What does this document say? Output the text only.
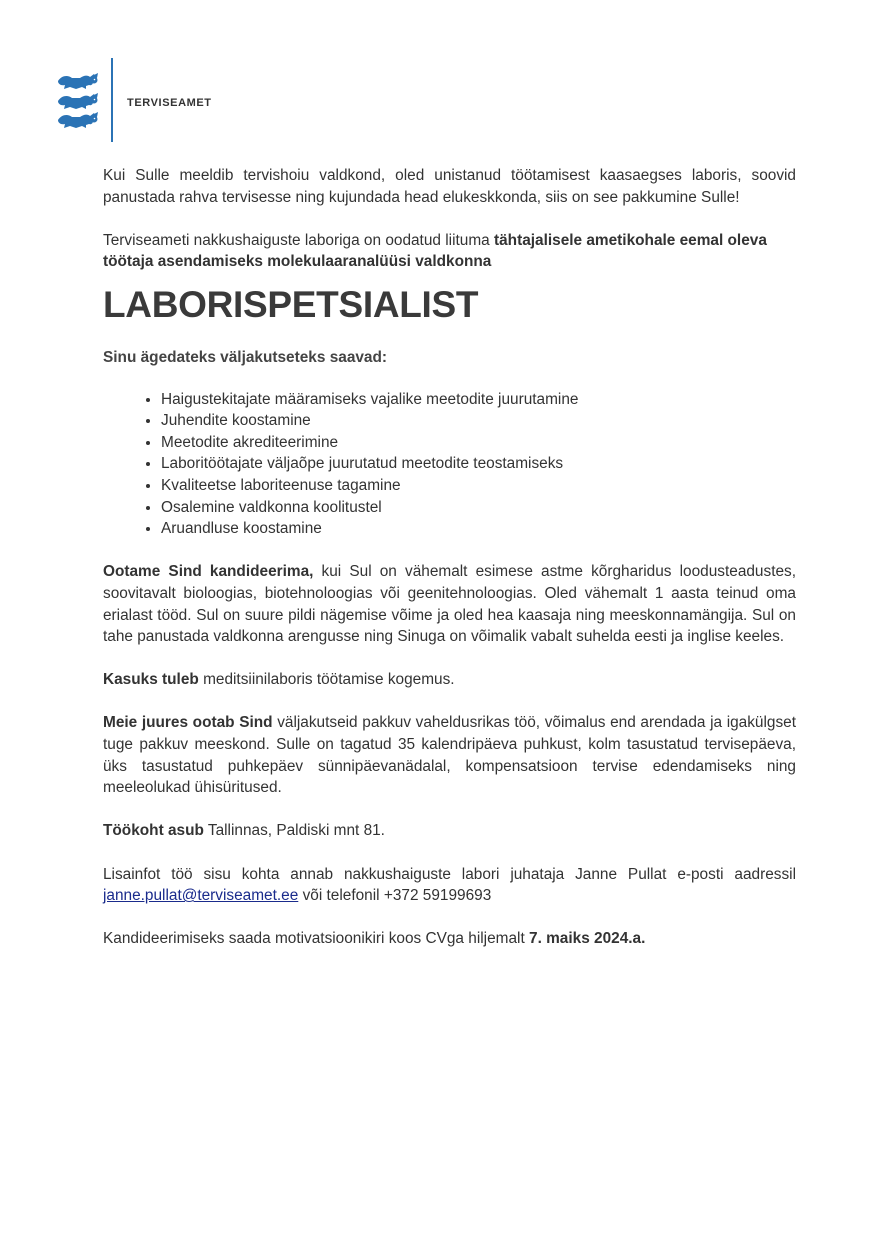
terviseamet

Kui Sulle meeldib tervishoiu valdkond, oled unistanud töötamisest kaasaegses laboris, soovid panustada rahva tervisesse ning kujundada head elukeskkonda, siis on see pakkumine Sulle!

Terviseameti nakkushaiguste laboriga on oodatud liituma tähtajalisele ametikohale eemal oleva töötaja asendamiseks molekulaaranalüüsi valdkonna

LABORISPETSIALIST
Sinu ägedateks väljakutseteks saavad:
• Haigustekitajate määramiseks vajalike meetodite juurutamine
• Juhendite koostamine
• Meetodite akrediteerimine
• Laboritöötajate väljaõpe juurutatud meetodite teostamiseks
• Kvaliteetse laboriteenuse tagamine
• Osalemine valdkonna koolitustel
• Aruandluse koostamine

Ootame Sind kandideerima, kui Sul on vähemalt esimese astme kõrgharidus loodusteadustes, soovitavalt bioloogias, biotehnoloogias või geenitehnoloogias. Oled vähemalt 1 aasta teinud oma erialast tööd. Sul on suure pildi nägemise võime ja oled hea kaasaja ning meeskonnamängija. Sul on tahe panustada valdkonna arengusse ning Sinuga on võimalik vabalt suhelda eesti ja inglise keeles.

Kasuks tuleb meditsiinilaboris töötamise kogemus.

Meie juures ootab Sind väljakutseid pakkuv vaheldusrikas töö, võimalus end arendada ja igakülgset tuge pakkuv meeskond. Sulle on tagatud 35 kalendripäeva puhkust, kolm tasustatud tervisepäeva, üks tasustatud puhkepäev sünnipäevanädalal, kompensatsioon tervise edendamiseks ning meeleolukad ühisüritused.

Töökoht asub Tallinnas, Paldiski mnt 81.

Lisainfot töö sisu kohta annab nakkushaiguste labori juhataja Janne Pullat e-posti aadressil janne.pullat@terviseamet.ee või telefonil +372 59199693

Kandideerimiseks saada motivatsioonikiri koos CVga hiljemalt 7. maiks 2024.a.
